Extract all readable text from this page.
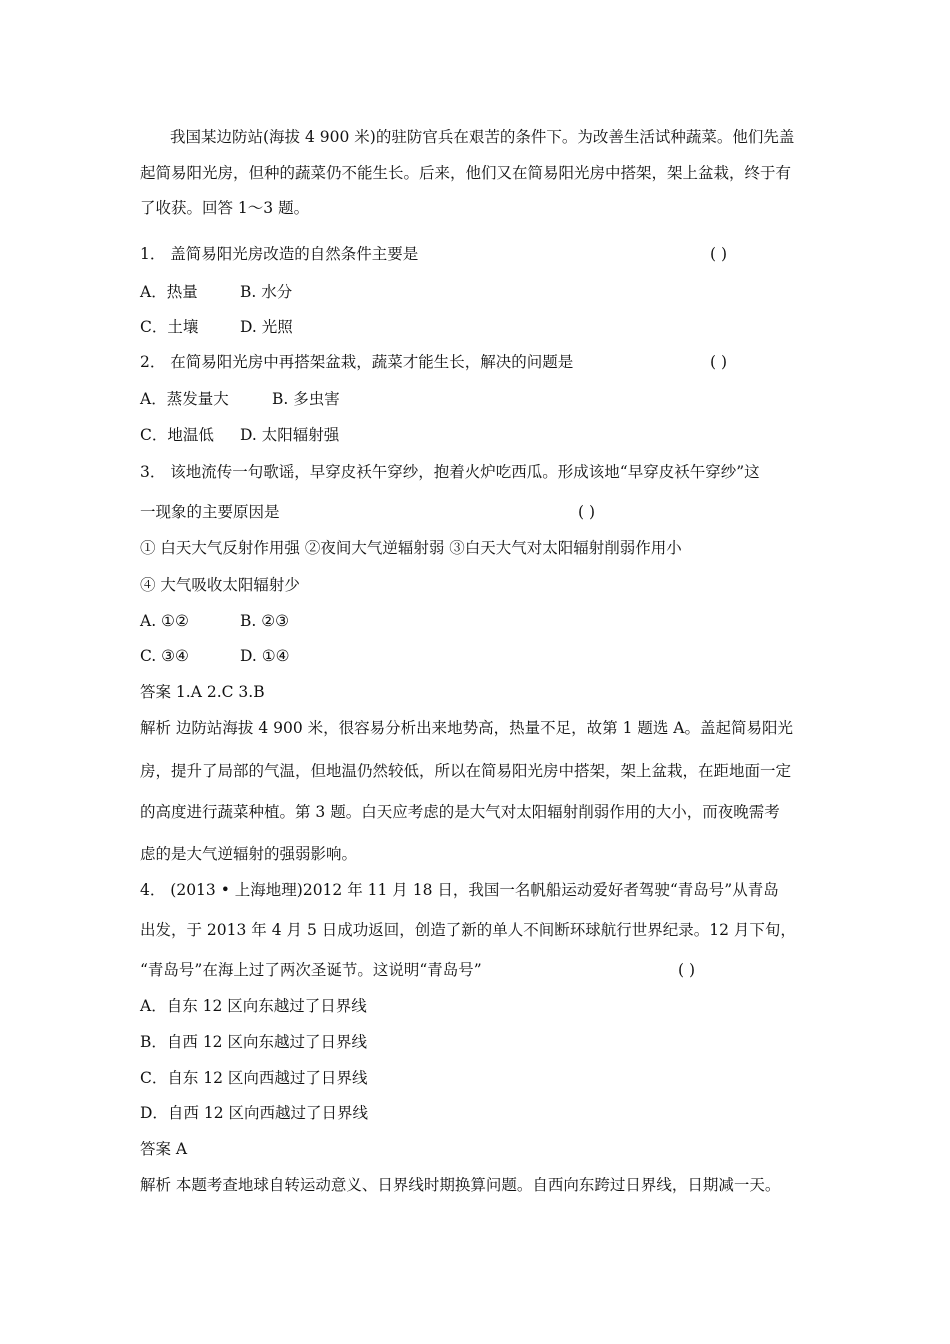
我国某边防站(海拔 4 900 米)的驻防官兵在艰苦的条件下。为改善生活试种蔬菜。他们先盖
起简易阳光房，但种的蔬菜仍不能生长。后来，他们又在简易阳光房中搭架，架上盆栽，终于有
了收获。回答 1～3 题。
1． 盖简易阳光房改造的自然条件主要是	( )
A．热量	B. 水分
C．土壤	D. 光照
2． 在简易阳光房中再搭架盆栽，蔬菜才能生长，解决的问题是	( )
A．蒸发量大	B. 多虫害
C．地温低 D. 太阳辐射强
3． 该地流传一句歌谣，早穿皮袄午穿纱，抱着火炉吃西瓜。形成该地“早穿皮袄午穿纱”这
一现象的主要原因是	( )
① 白天大气反射作用强 ②夜间大气逆辐射弱 ③白天大气对太阳辐射削弱作用小
④ 大气吸收太阳辐射少
A. ①②	B. ②③
C. ③④	D. ①④
答案 1.A 2.C 3.B
解析 边防站海拔 4 900 米，很容易分析出来地势高，热量不足，故第 1 题选 A。盖起简易阳光
房，提升了局部的气温，但地温仍然较低，所以在简易阳光房中搭架，架上盆栽，在距地面一定
的高度进行蔬菜种植。第 3 题。白天应考虑的是大气对太阳辐射削弱作用的大小，而夜晚需考
虑的是大气逆辐射的强弱影响。
4． (2013 • 上海地理)2012 年 11 月 18 日，我国一名帆船运动爱好者驾驶“青岛号”从青岛
出发，于 2013 年 4 月 5 日成功返回，创造了新的单人不间断环球航行世界纪录。12 月下旬，
“青岛号”在海上过了两次圣诞节。这说明“青岛号”	( )
A．自东 12 区向东越过了日界线
B．自西 12 区向东越过了日界线
C．自东 12 区向西越过了日界线
D．自西 12 区向西越过了日界线
答案 A
解析 本题考查地球自转运动意义、日界线时期换算问题。自西向东跨过日界线，日期减一天。
